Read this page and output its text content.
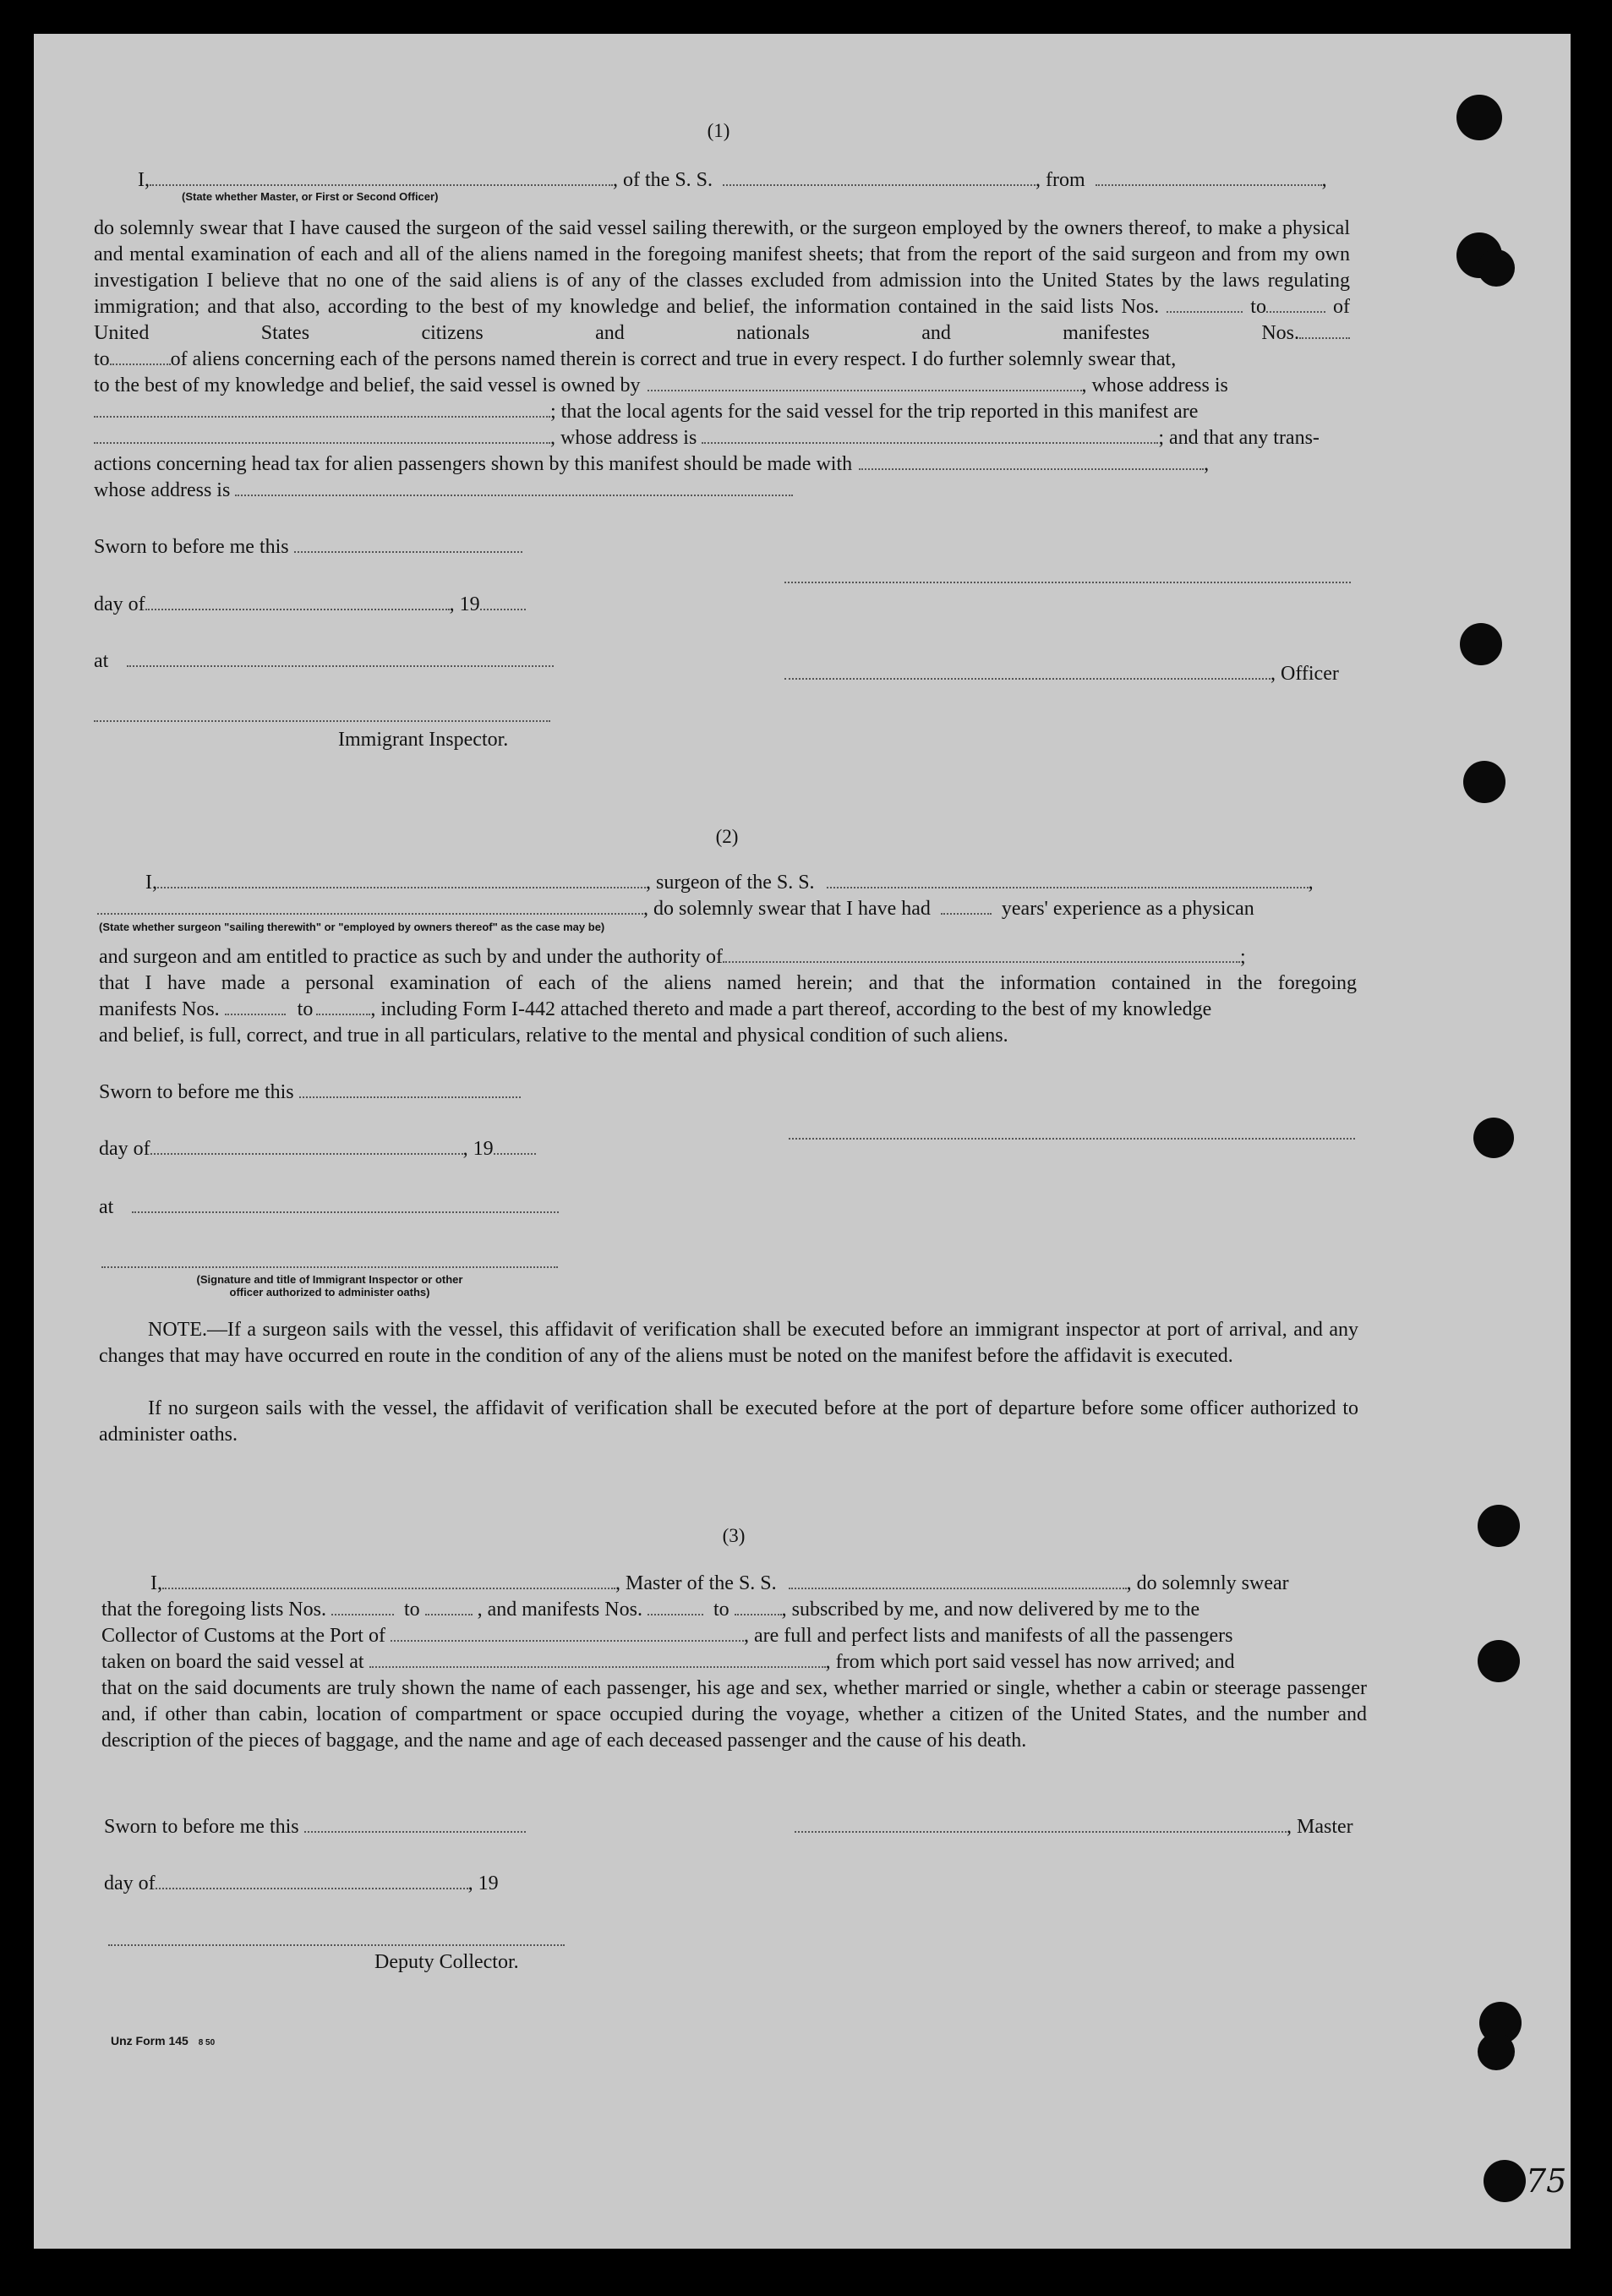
75
(1)
I,	, of the S. S.	, from	,
(State whether Master, or First or Second Officer)
do solemnly swear that I have caused the surgeon of the said vessel sailing therewith, or the surgeon employed by the owners thereof, to make a physical and mental examination of each and all of the aliens named in the foregoing manifest sheets; that from the report of the said surgeon and from my own investigation I believe that no one of the said aliens is of any of the classes excluded from admission into the United States by the laws regulating immigration; and that also, according to the best of my knowledge and belief, the information contained in the said lists Nos.	to	of United States citizens and nationals and manifestes Nos.
to	of aliens concerning each of the persons named therein is correct and true in every respect. I do further solemnly swear that,
to the best of my knowledge and belief, the said vessel is owned by	, whose address is
; that the local agents for the said vessel for the trip reported in this manifest are
, whose address is	; and that any trans-
actions concerning head tax for alien passengers shown by this manifest should be made with	,
whose address is
Sworn to before me this
day of	, 19
at
, Officer
Immigrant Inspector.
(2)
I,	, surgeon of the S. S.	,
, do solemnly swear that I have had	years' experience as a physican
(State whether surgeon "sailing therewith" or "employed by owners thereof" as the case may be)
and surgeon and am entitled to practice as such by and under the authority of	;
that I have made a personal examination of each of the aliens named herein; and that the information contained in the foregoing
manifests Nos.	to	, including Form I-442 attached thereto and made a part thereof, according to the best of my knowledge
and belief, is full, correct, and true in all particulars, relative to the mental and physical condition of such aliens.
Sworn to before me this
day of	, 19
at
(Signature and title of Immigrant Inspector or other
officer authorized to administer oaths)
NOTE.—If a surgeon sails with the vessel, this affidavit of verification shall be executed before an immigrant inspector at port of arrival, and any changes that may have occurred en route in the condition of any of the aliens must be noted on the manifest before the affidavit is executed.
If no surgeon sails with the vessel, the affidavit of verification shall be executed before at the port of departure before some officer authorized to administer oaths.
(3)
I,	, Master of the S. S.	, do solemnly swear
that the foregoing lists Nos.	to	, and manifests Nos.	to	, subscribed by me, and now delivered by me to the
Collector of Customs at the Port of	, are full and perfect lists and manifests of all the passengers
taken on board the said vessel at	, from which port said vessel has now arrived; and
that on the said documents are truly shown the name of each passenger, his age and sex, whether married or single, whether a cabin or steerage passenger and, if other than cabin, location of compartment or space occupied during the voyage, whether a citizen of the United States, and the number and description of the pieces of baggage, and the name and age of each deceased passenger and the cause of his death.
Sworn to before me this	, Master
day of	, 19
Deputy Collector.
Unz Form 145 8 50
